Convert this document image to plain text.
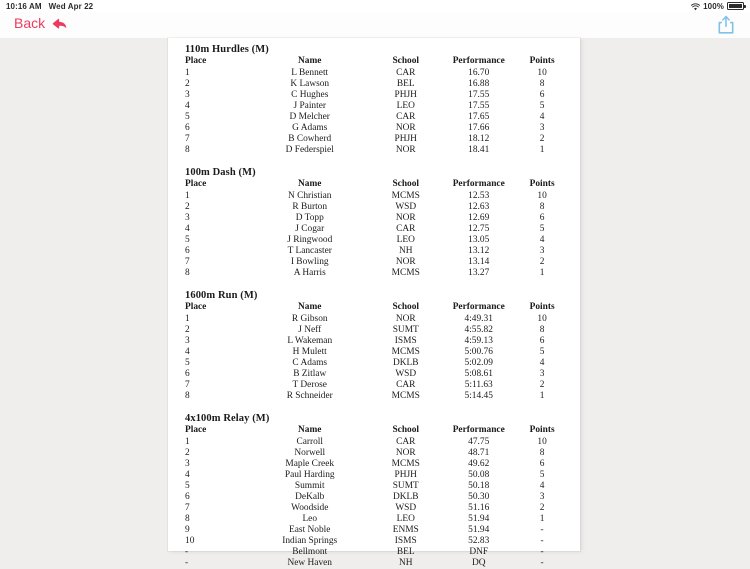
10:16 AM Wed Apr 22	100%
Back
110m Hurdles (M)
Place	Name	School	Performance	Points
1	L Bennett	CAR	16.70	10
2	K Lawson	BEL	16.88	8
3	C Hughes	PHJH	17.55	6
4	J Painter	LEO	17.55	5
5	D Melcher	CAR	17.65	4
6	G Adams	NOR	17.66	3
7	B Cowherd	PHJH	18.12	2
8	D Federspiel	NOR	18.41	1
100m Dash (M)
Place	Name	School	Performance	Points
1	N Christian	MCMS	12.53	10
2	R Burton	WSD	12.63	8
3	D Topp	NOR	12.69	6
4	J Cogar	CAR	12.75	5
5	J Ringwood	LEO	13.05	4
6	T Lancaster	NH	13.12	3
7	I Bowling	NOR	13.14	2
8	A Harris	MCMS	13.27	1
1600m Run (M)
Place	Name	School	Performance	Points
1	R Gibson	NOR	4:49.31	10
2	J Neff	SUMT	4:55.82	8
3	L Wakeman	ISMS	4:59.13	6
4	H Mulett	MCMS	5:00.76	5
5	C Adams	DKLB	5:02.09	4
6	B Zitlaw	WSD	5:08.61	3
7	T Derose	CAR	5:11.63	2
8	R Schneider	MCMS	5:14.45	1
4x100m Relay (M)
Place	Name	School	Performance	Points
1	Carroll	CAR	47.75	10
2	Norwell	NOR	48.71	8
3	Maple Creek	MCMS	49.62	6
4	Paul Harding	PHJH	50.08	5
5	Summit	SUMT	50.18	4
6	DeKalb	DKLB	50.30	3
7	Woodside	WSD	51.16	2
8	Leo	LEO	51.94	1
9	East Noble	ENMS	51.94	-
10	Indian Springs	ISMS	52.83	-
-	Bellmont	BEL	DNF	-
-	New Haven	NH	DQ	-
